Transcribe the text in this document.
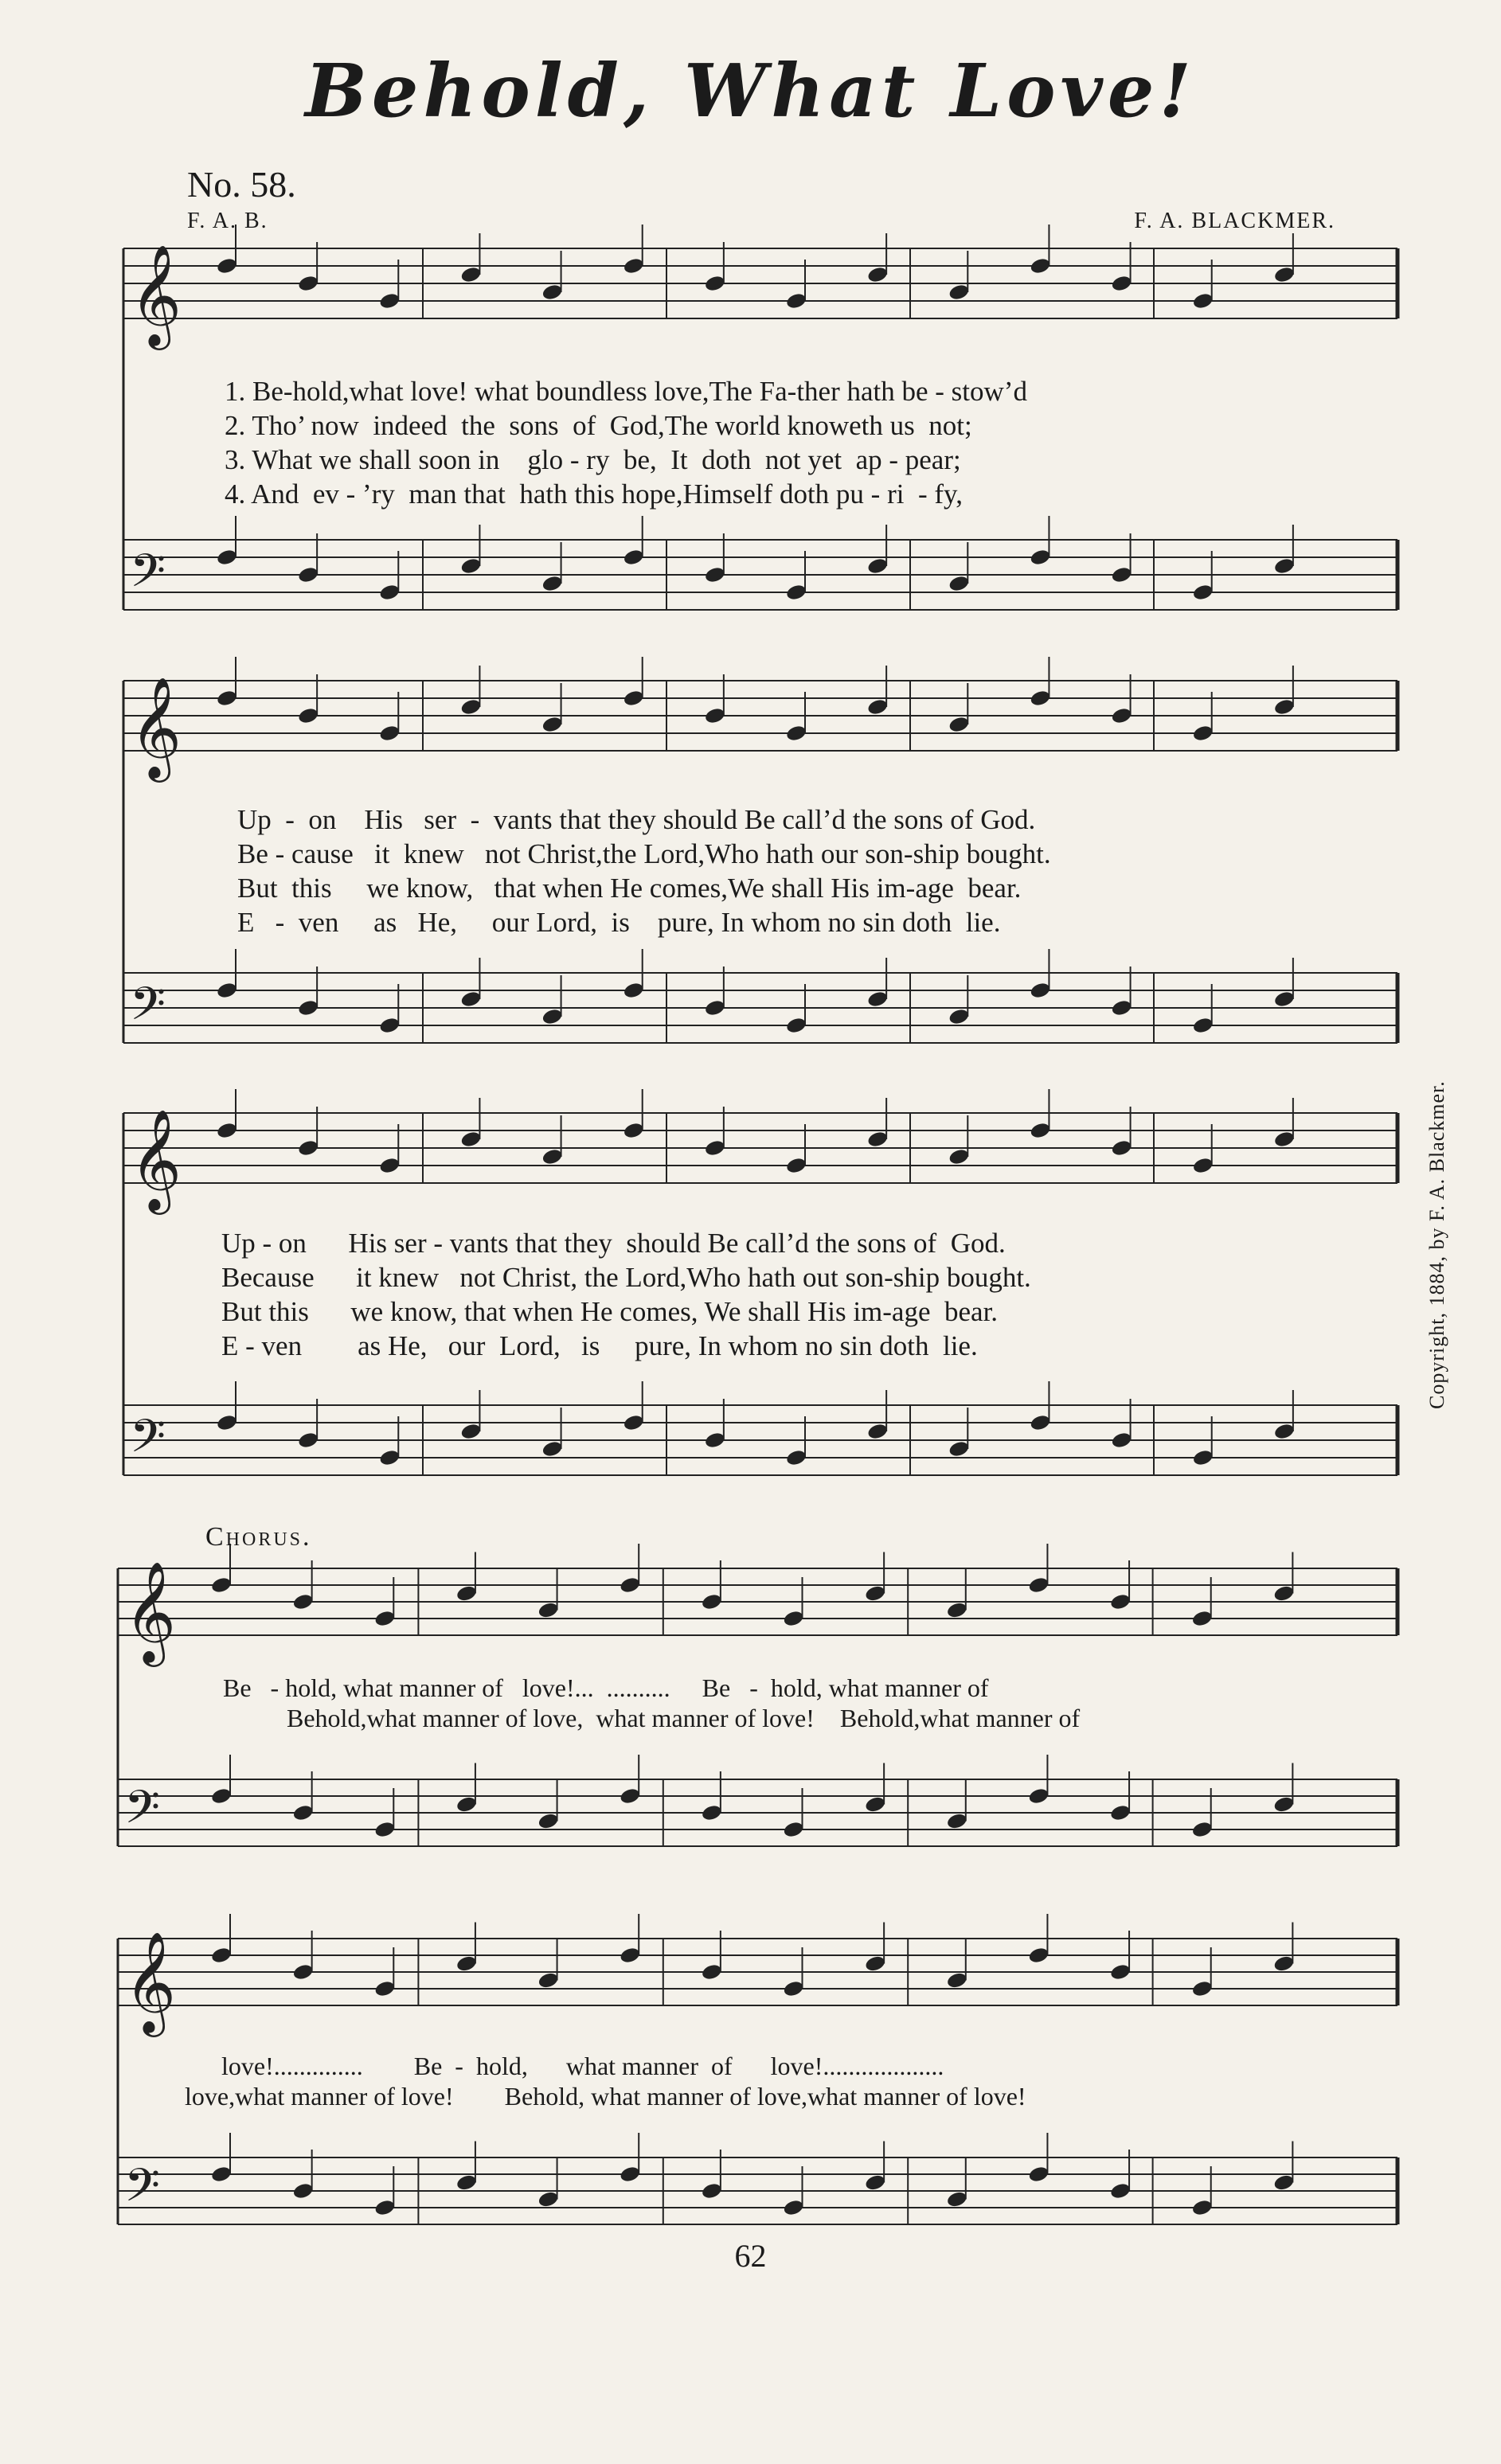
Behold, What Love!
No. 58.
F. A. B.	F. A. BLACKMER.
𝄞
𝄢
𝄞
𝄢
𝄞
𝄢
𝄞
𝄢
𝄞
𝄢
1. Be-hold,what love! what boundless love,The Fa-ther hath be - stow’d
2. Tho’ now  indeed  the  sons  of  God,The world knoweth us  not;
3. What we shall soon in    glo - ry  be,  It  doth  not yet  ap - pear;
4. And  ev - ’ry  man that  hath this hope,Himself doth pu - ri  - fy,
Up  -  on    His   ser  -  vants that they should Be call’d the sons of God.
Be - cause   it  knew   not Christ,the Lord,Who hath our son-ship bought.
But  this     we know,   that when He comes,We shall His im-age  bear.
E   -  ven     as   He,     our Lord,  is    pure, In whom no sin doth  lie.
Up - on      His ser - vants that they  should Be call’d the sons of  God.
Because      it knew   not Christ, the Lord,Who hath out son-ship bought.
But this      we know, that when He comes, We shall His im-age  bear.
E - ven        as He,   our  Lord,   is     pure, In whom no sin doth  lie.
Chorus.
Be   - hold, what manner of   love!...  ..........     Be   -  hold, what manner of
Behold,what manner of love,  what manner of love!    Behold,what manner of
love!..............        Be  -  hold,      what manner  of      love!...................
love,what manner of love!        Behold, what manner of love,what manner of love!
Copyright, 1884, by F. A. Blackmer.
62
